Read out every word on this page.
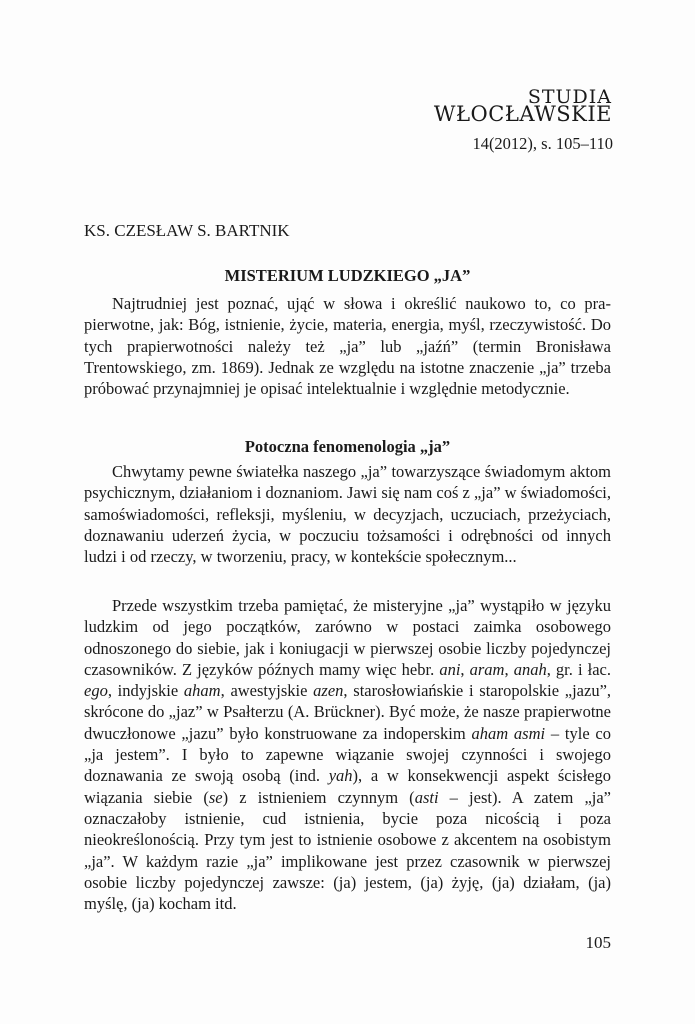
STUDIA
WŁOCŁAWSKIE
14(2012), s. 105–110
KS. CZESŁAW S. BARTNIK
MISTERIUM LUDZKIEGO „JA”

Najtrudniej jest poznać, ująć w słowa i określić naukowo to, co prapierwotne, jak: Bóg, istnienie, życie, materia, energia, myśl, rzeczywistość. Do tych prapierwotności należy też „ja” lub „jaźń” (termin Bronisława Trentowskiego, zm. 1869). Jednak ze względu na istotne znaczenie „ja” trzeba próbować przynajmniej je opisać intelektualnie i względnie metodycznie.

Potoczna fenomenologia „ja”

Chwytamy pewne światełka naszego „ja” towarzyszące świadomym aktom psychicznym, działaniom i doznaniom. Jawi się nam coś z „ja” w świadomości, samoświadomości, refleksji, myśleniu, w decyzjach, uczuciach, przeżyciach, doznawaniu uderzeń życia, w poczuciu tożsamości i odrębności od innych ludzi i od rzeczy, w tworzeniu, pracy, w kontekście społecznym...

Przede wszystkim trzeba pamiętać, że misteryjne „ja” wystąpiło w języku ludzkim od jego początków, zarówno w postaci zaimka osobowego odnoszonego do siebie, jak i koniugacji w pierwszej osobie liczby pojedynczej czasowników. Z języków późnych mamy więc hebr. ani, aram, anah, gr. i łac. ego, indyjskie aham, awestyjskie azen, starosłowiańskie i staropolskie „jazu”, skrócone do „jaz” w Psałterzu (A. Brückner). Być może, że nasze prapierwotne dwuczłonowe „jazu” było konstruowane za indoperskim aham asmi – tyle co „ja jestem”. I było to zapewne wiązanie swojej czynności i swojego doznawania ze swoją osobą (ind. yah), a w konsekwencji aspekt ścisłego wiązania siebie (se) z istnieniem czynnym (asti – jest). A zatem „ja” oznaczałoby istnienie, cud istnienia, bycie poza nicością i poza nieokreślonością. Przy tym jest to istnienie osobowe z akcentem na osobistym „ja”. W każdym razie „ja” implikowane jest przez czasownik w pierwszej osobie liczby pojedynczej zawsze: (ja) jestem, (ja) żyję, (ja) działam, (ja) myślę, (ja) kocham itd.

105
